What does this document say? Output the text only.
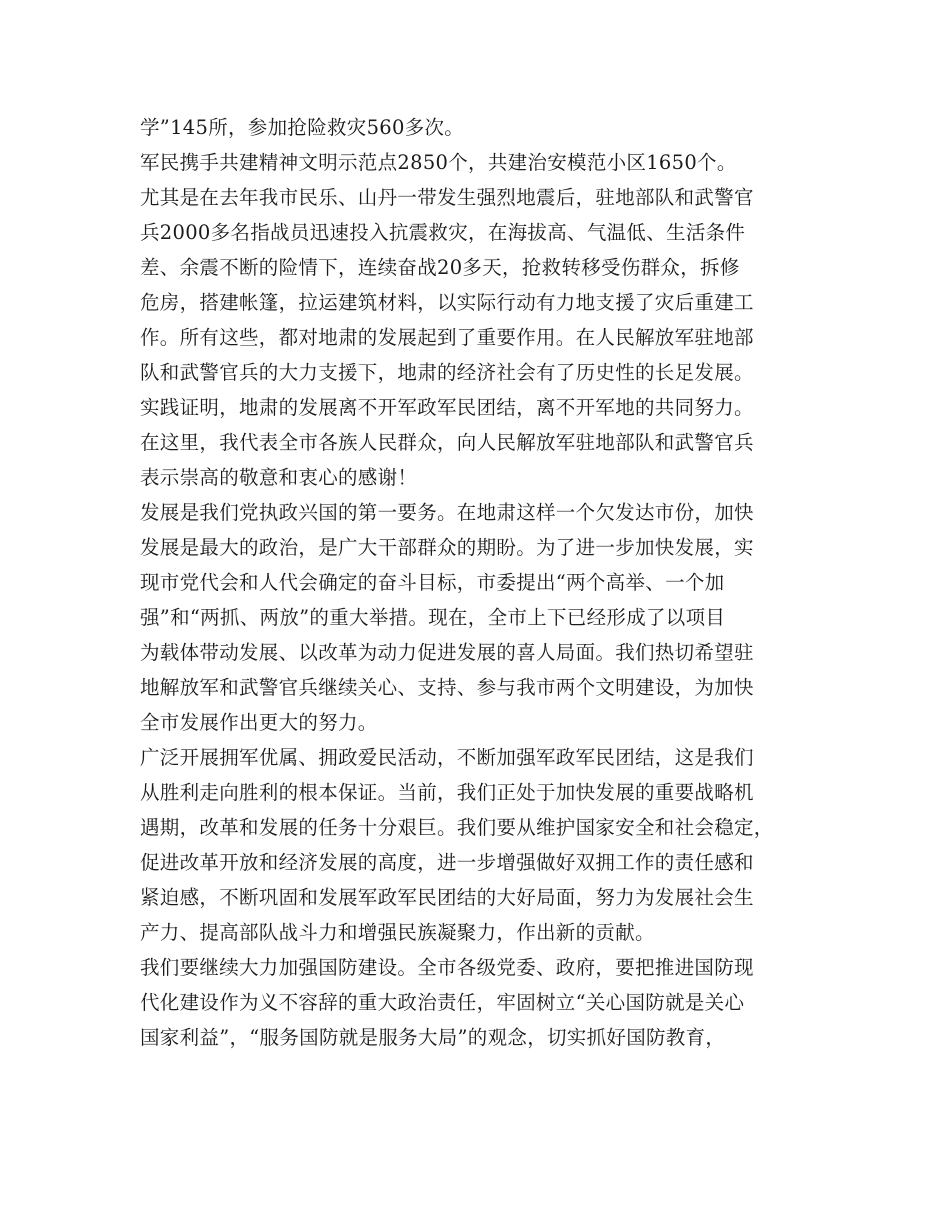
学”145所，参加抢险救灾560多次。
军民携手共建精神文明示范点2850个，共建治安模范小区1650个。
尤其是在去年我市民乐、山丹一带发生强烈地震后，驻地部队和武警官
兵2000多名指战员迅速投入抗震救灾，在海拔高、气温低、生活条件
差、余震不断的险情下，连续奋战20多天，抢救转移受伤群众，拆修
危房，搭建帐篷，拉运建筑材料，以实际行动有力地支援了灾后重建工
作。所有这些，都对地肃的发展起到了重要作用。在人民解放军驻地部
队和武警官兵的大力支援下，地肃的经济社会有了历史性的长足发展。
实践证明，地肃的发展离不开军政军民团结，离不开军地的共同努力。
在这里，我代表全市各族人民群众，向人民解放军驻地部队和武警官兵
表示崇高的敬意和衷心的感谢！
发展是我们党执政兴国的第一要务。在地肃这样一个欠发达市份，加快
发展是最大的政治，是广大干部群众的期盼。为了进一步加快发展，实
现市党代会和人代会确定的奋斗目标，市委提出“两个高举、一个加
强”和“两抓、两放”的重大举措。现在，全市上下已经形成了以项目
为载体带动发展、以改革为动力促进发展的喜人局面。我们热切希望驻
地解放军和武警官兵继续关心、支持、参与我市两个文明建设，为加快
全市发展作出更大的努力。
广泛开展拥军优属、拥政爱民活动，不断加强军政军民团结，这是我们
从胜利走向胜利的根本保证。当前，我们正处于加快发展的重要战略机
遇期，改革和发展的任务十分艰巨。我们要从维护国家安全和社会稳定，
促进改革开放和经济发展的高度，进一步增强做好双拥工作的责任感和
紧迫感，不断巩固和发展军政军民团结的大好局面，努力为发展社会生
产力、提高部队战斗力和增强民族凝聚力，作出新的贡献。
我们要继续大力加强国防建设。全市各级党委、政府，要把推进国防现
代化建设作为义不容辞的重大政治责任，牢固树立“关心国防就是关心
国家利益”，“服务国防就是服务大局”的观念，切实抓好国防教育，
